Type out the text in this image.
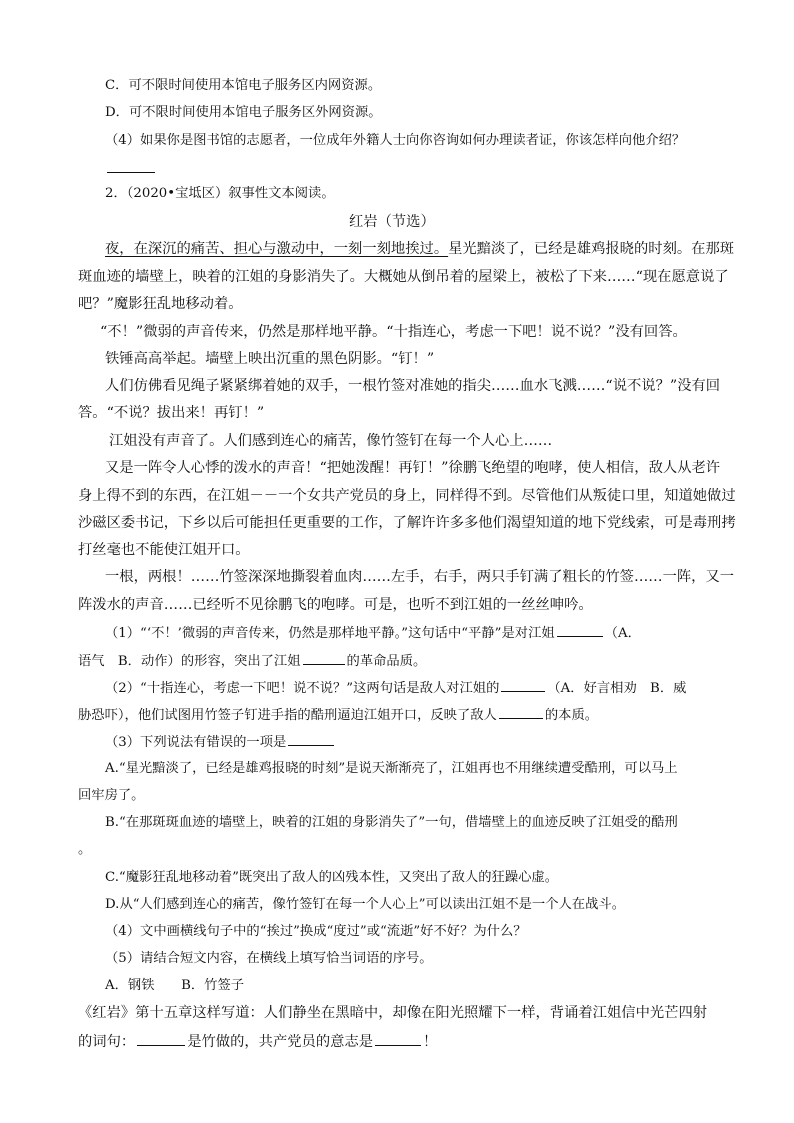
C．可不限时间使用本馆电子服务区内网资源。
D．可不限时间使用本馆电子服务区外网资源。
（4）如果你是图书馆的志愿者，一位成年外籍人士向你咨询如何办理读者证，你该怎样向他介绍？
2．（2020•宝坻区）叙事性文本阅读。
红岩（节选）
夜，在深沉的痛苦、担心与激动中，一刻一刻地挨过。星光黯淡了，已经是雄鸡报晓的时刻。在那斑
斑血迹的墙壁上，映着的江姐的身影消失了。大概她从倒吊着的屋梁上，被松了下来……“现在愿意说了
吧？”魔影狂乱地移动着。
“不！”微弱的声音传来，仍然是那样地平静。“十指连心，考虑一下吧！说不说？”没有回答。
铁锤高高举起。墙壁上映出沉重的黑色阴影。“钉！”
人们仿佛看见绳子紧紧绑着她的双手，一根竹签对准她的指尖……血水飞溅……“说不说？”没有回
答。“不说？拔出来！再钉！”
江姐没有声音了。人们感到连心的痛苦，像竹签钉在每一个人心上……
又是一阵令人心悸的泼水的声音！“把她泼醒！再钉！”徐鹏飞绝望的咆哮，使人相信，敌人从老许
身上得不到的东西，在江姐－－一个女共产党员的身上，同样得不到。尽管他们从叛徒口里，知道她做过
沙磁区委书记，下乡以后可能担任更重要的工作，了解许许多多他们渴望知道的地下党线索，可是毒刑拷
打丝毫也不能使江姐开口。
一根，两根！……竹签深深地撕裂着血肉……左手，右手，两只手钉满了粗长的竹签……一阵，又一
阵泼水的声音……已经听不见徐鹏飞的咆哮。可是，也听不到江姐的一丝丝呻吟。
（1）“‘不！’微弱的声音传来，仍然是那样地平静。”这句话中“平静”是对江姐	（A．
语气　B．动作）的形容，突出了江姐	的革命品质。
（2）“十指连心，考虑一下吧！说不说？”这两句话是敌人对江姐的	（A．好言相劝　B．威
胁恐吓），他们试图用竹签子钉进手指的酷刑逼迫江姐开口，反映了敌人	的本质。
（3）下列说法有错误的一项是
A.“星光黯淡了，已经是雄鸡报晓的时刻”是说天渐渐亮了，江姐再也不用继续遭受酷刑，可以马上
回牢房了。
B.“在那斑斑血迹的墙壁上，映着的江姐的身影消失了”一句，借墙壁上的血迹反映了江姐受的酷刑
。
C.“魔影狂乱地移动着”既突出了敌人的凶残本性，又突出了敌人的狂躁心虚。
D.从“人们感到连心的痛苦，像竹签钉在每一个人心上”可以读出江姐不是一个人在战斗。
（4）文中画横线句子中的“挨过”换成“度过”或“流逝”好不好？为什么？
（5）请结合短文内容，在横线上填写恰当词语的序号。
A．钢铁　　B．竹签子
《红岩》第十五章这样写道：人们静坐在黑暗中，却像在阳光照耀下一样，背诵着江姐信中光芒四射
的词句：	是竹做的，共产党员的意志是	！
